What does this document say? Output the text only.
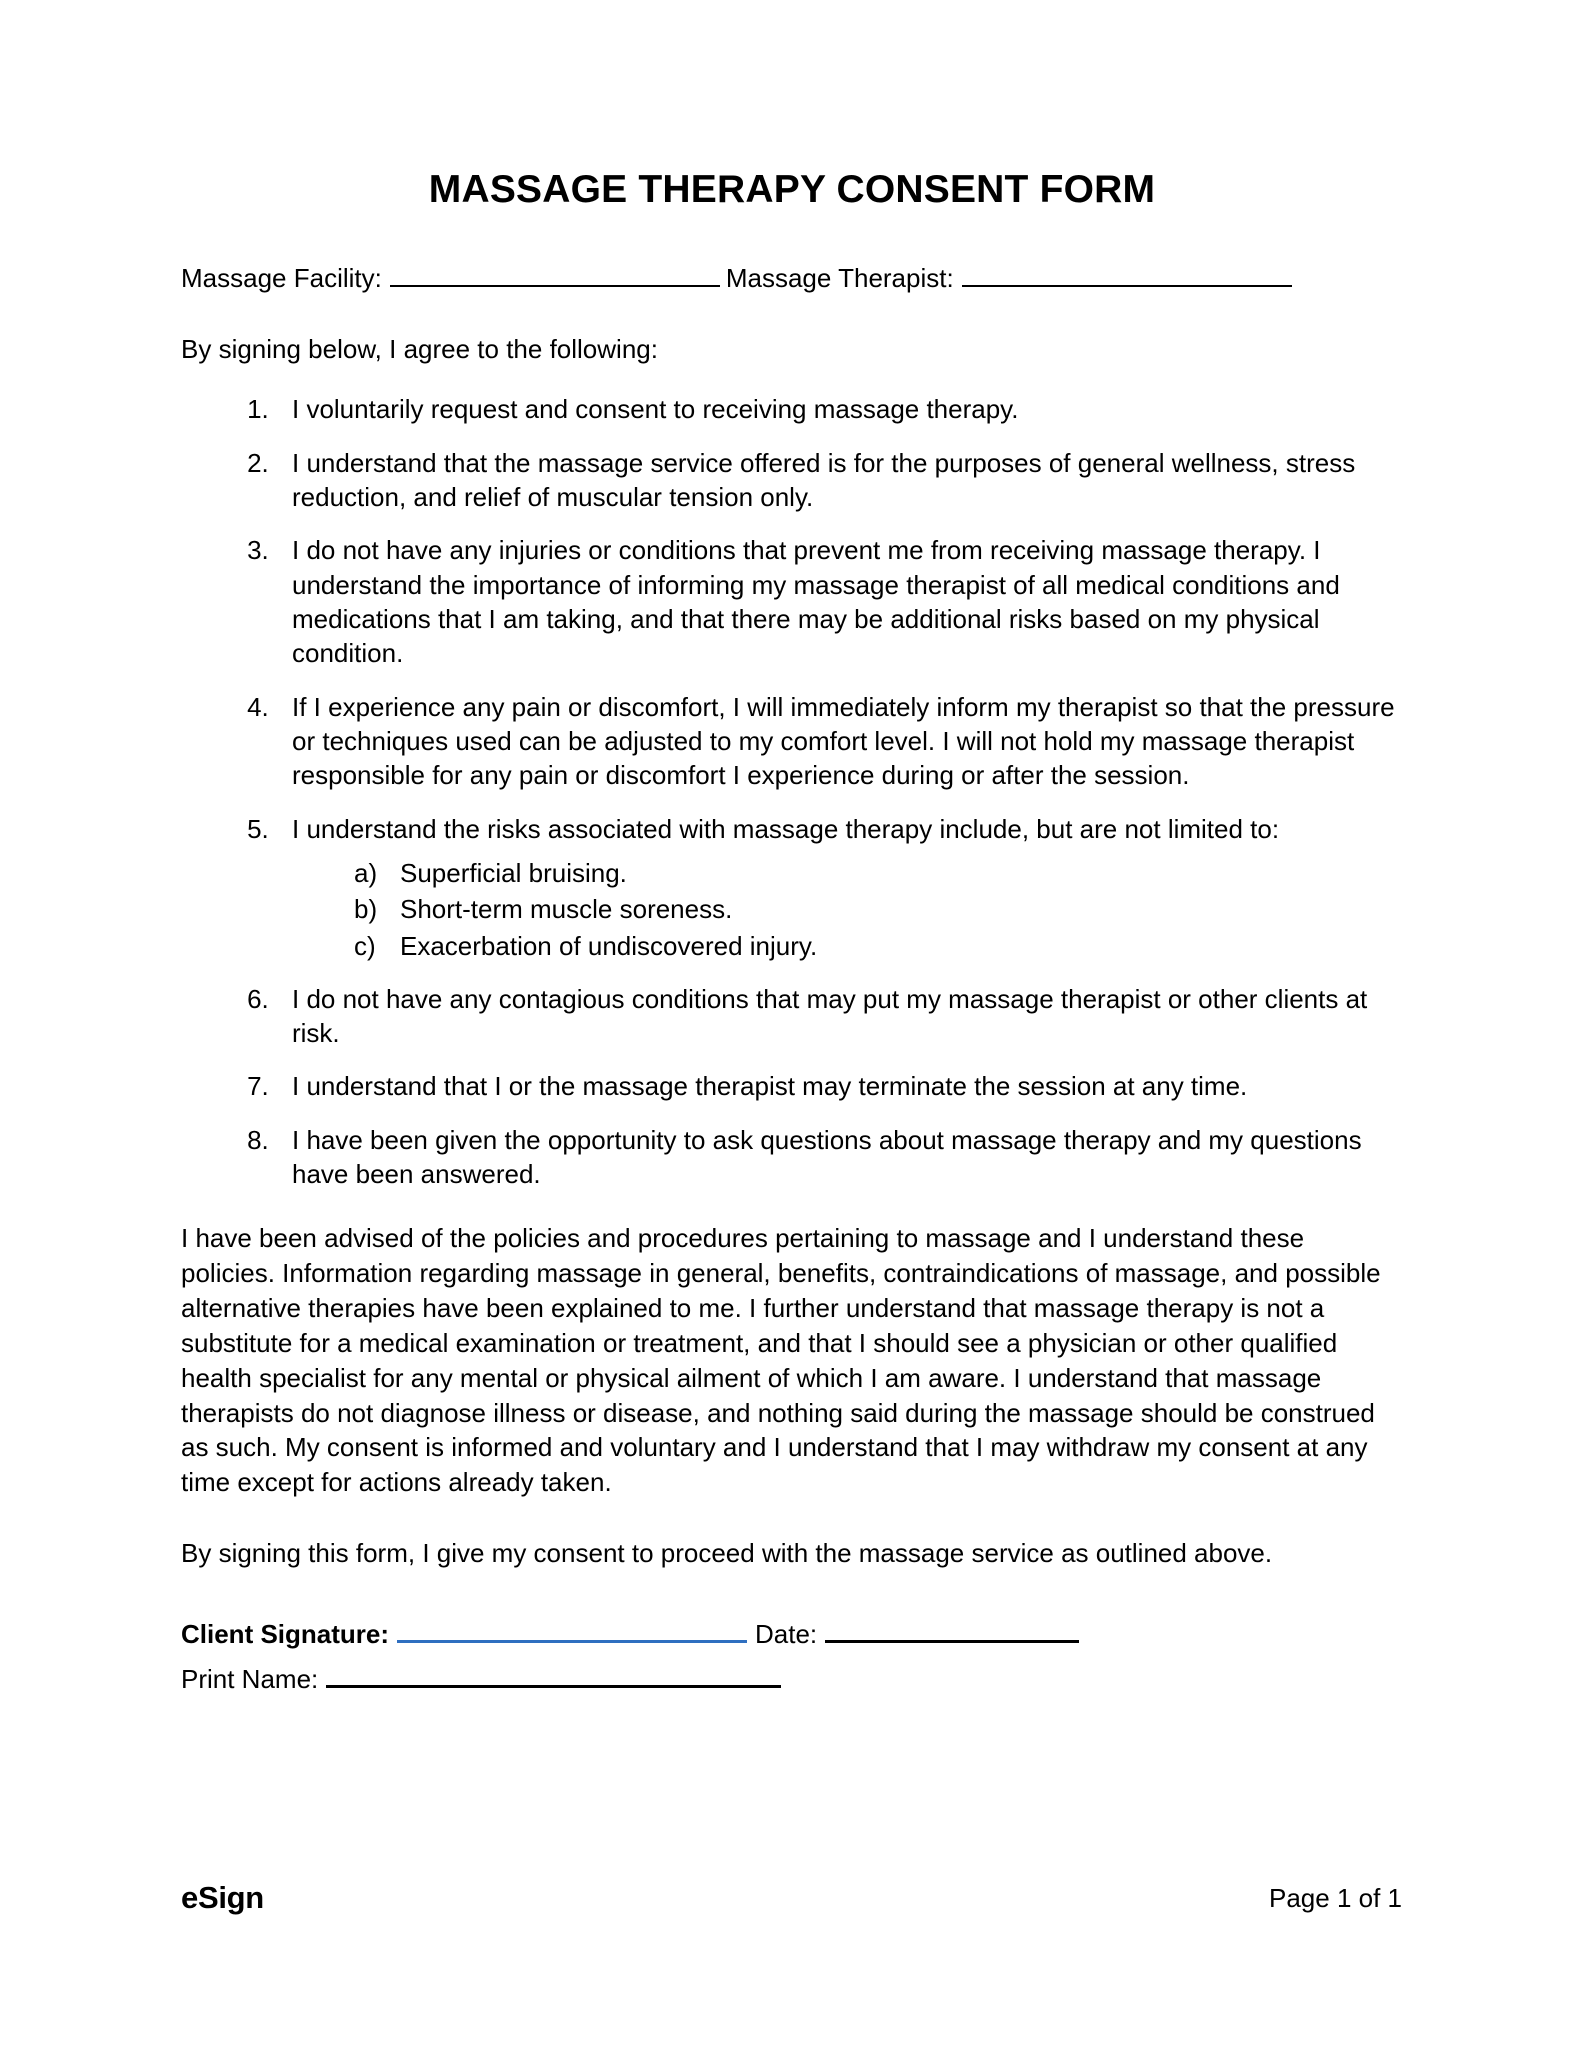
MASSAGE THERAPY CONSENT FORM
Massage Facility:	Massage Therapist:

By signing below, I agree to the following:

1. I voluntarily request and consent to receiving massage therapy.
2. I understand that the massage service offered is for the purposes of general wellness, stress reduction, and relief of muscular tension only.
3. I do not have any injuries or conditions that prevent me from receiving massage therapy. I understand the importance of informing my massage therapist of all medical conditions and medications that I am taking, and that there may be additional risks based on my physical condition.
4. If I experience any pain or discomfort, I will immediately inform my therapist so that the pressure or techniques used can be adjusted to my comfort level. I will not hold my massage therapist responsible for any pain or discomfort I experience during or after the session.
5. I understand the risks associated with massage therapy include, but are not limited to:
a) Superficial bruising.
b) Short-term muscle soreness.
c) Exacerbation of undiscovered injury.
6. I do not have any contagious conditions that may put my massage therapist or other clients at risk.
7. I understand that I or the massage therapist may terminate the session at any time.
8. I have been given the opportunity to ask questions about massage therapy and my questions have been answered.

I have been advised of the policies and procedures pertaining to massage and I understand these policies. Information regarding massage in general, benefits, contraindications of massage, and possible alternative therapies have been explained to me. I further understand that massage therapy is not a substitute for a medical examination or treatment, and that I should see a physician or other qualified health specialist for any mental or physical ailment of which I am aware. I understand that massage therapists do not diagnose illness or disease, and nothing said during the massage should be construed as such. My consent is informed and voluntary and I understand that I may withdraw my consent at any time except for actions already taken.

By signing this form, I give my consent to proceed with the massage service as outlined above.

Client Signature:	Date:
Print Name:
eSign	Page 1 of 1
